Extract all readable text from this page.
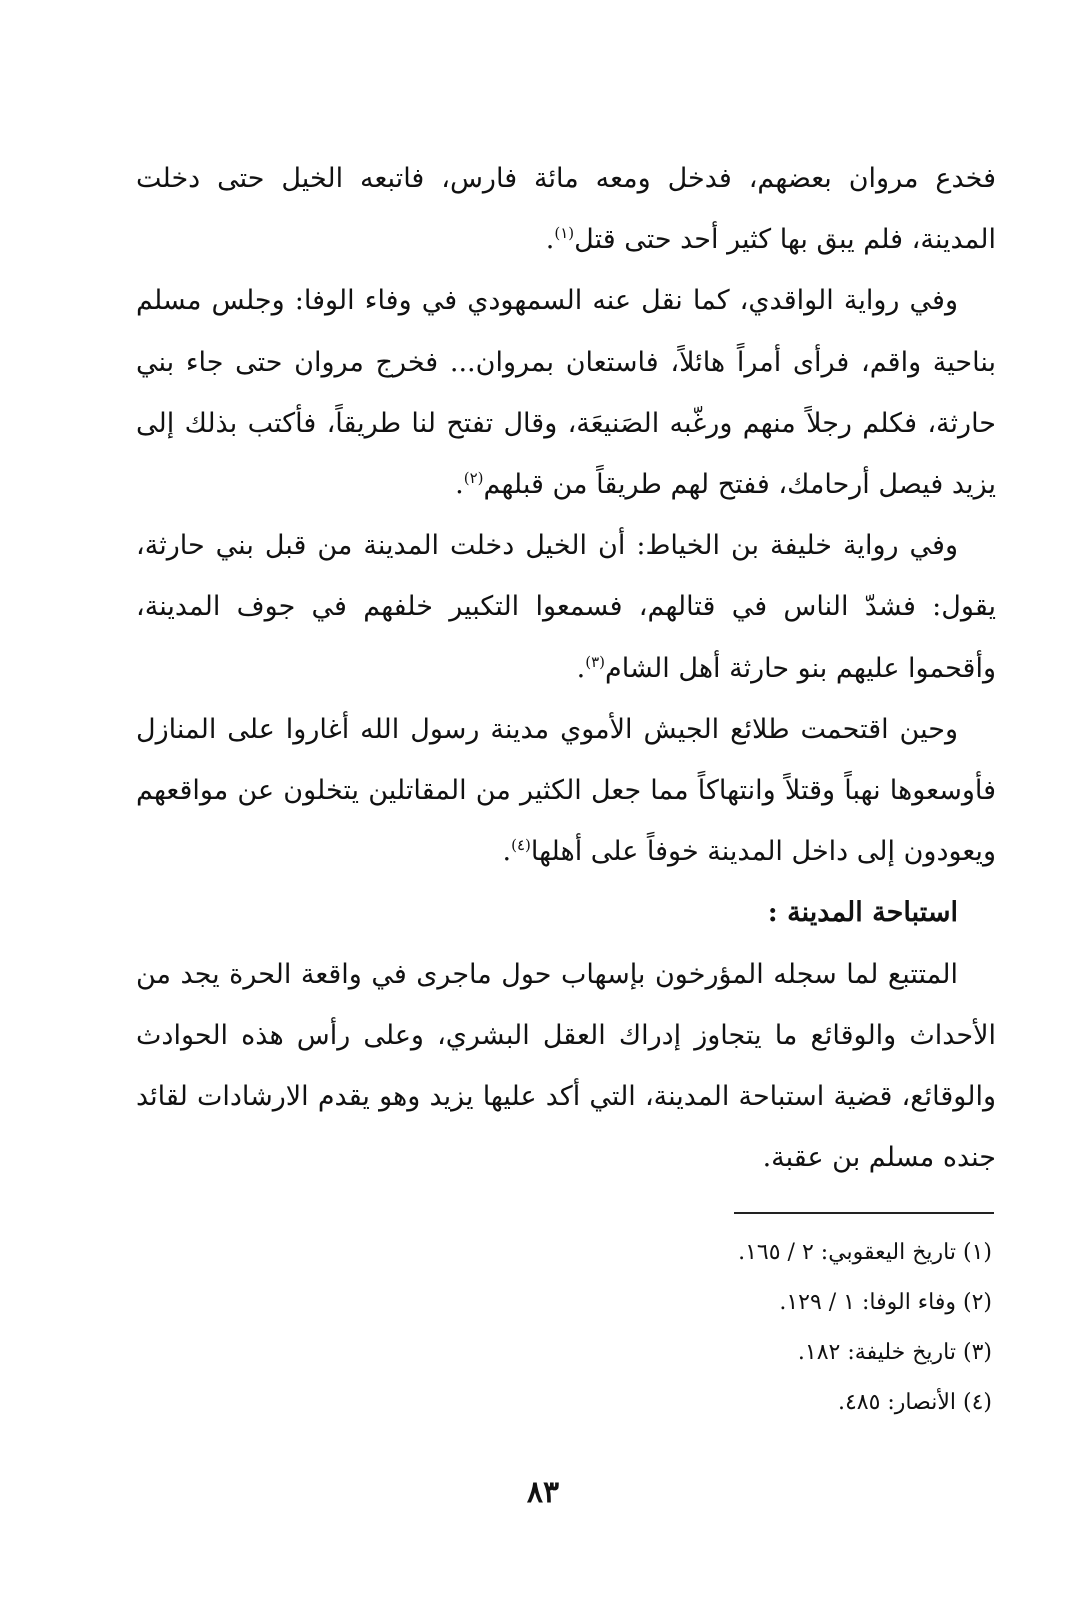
فخدع مروان بعضهم، فدخل ومعه مائة فارس، فاتبعه الخيل حتى دخلت المدينة، فلم يبق بها كثير أحد حتى قتل$^{(١)}$.

وفي رواية الواقدي، كما نقل عنه السمهودي في وفاء الوفا: وجلس مسلم بناحية واقم، فرأى أمراً هائلاً، فاستعان بمروان... فخرج مروان حتى جاء بني حارثة، فكلم رجلاً منهم ورغّبه الصَنيعَة، وقال تفتح لنا طريقاً، فأكتب بذلك إلى يزيد فيصل أرحامك، ففتح لهم طريقاً من قبلهم$^{(٢)}$.

وفي رواية خليفة بن الخياط: أن الخيل دخلت المدينة من قبل بني حارثة، يقول: فشدّ الناس في قتالهم، فسمعوا التكبير خلفهم في جوف المدينة، وأقحموا عليهم بنو حارثة أهل الشام$^{(٣)}$.

وحين اقتحمت طلائع الجيش الأموي مدينة رسول الله أغاروا على المنازل فأوسعوها نهباً وقتلاً وانتهاكاً مما جعل الكثير من المقاتلين يتخلون عن مواقعهم ويعودون إلى داخل المدينة خوفاً على أهلها$^{(٤)}$.

استباحة المدينة :

المتتبع لما سجله المؤرخون بإسهاب حول ماجرى في واقعة الحرة يجد من الأحداث والوقائع ما يتجاوز إدراك العقل البشري، وعلى رأس هذه الحوادث والوقائع، قضية استباحة المدينة، التي أكد عليها يزيد وهو يقدم الارشادات لقائد جنده مسلم بن عقبة.

(١) تاريخ اليعقوبي: ٢ / ١٦٥.

(٢) وفاء الوفا: ١ / ١٢٩.

(٣) تاريخ خليفة: ١٨٢.

(٤) الأنصار: ٤٨٥.

٨٣
